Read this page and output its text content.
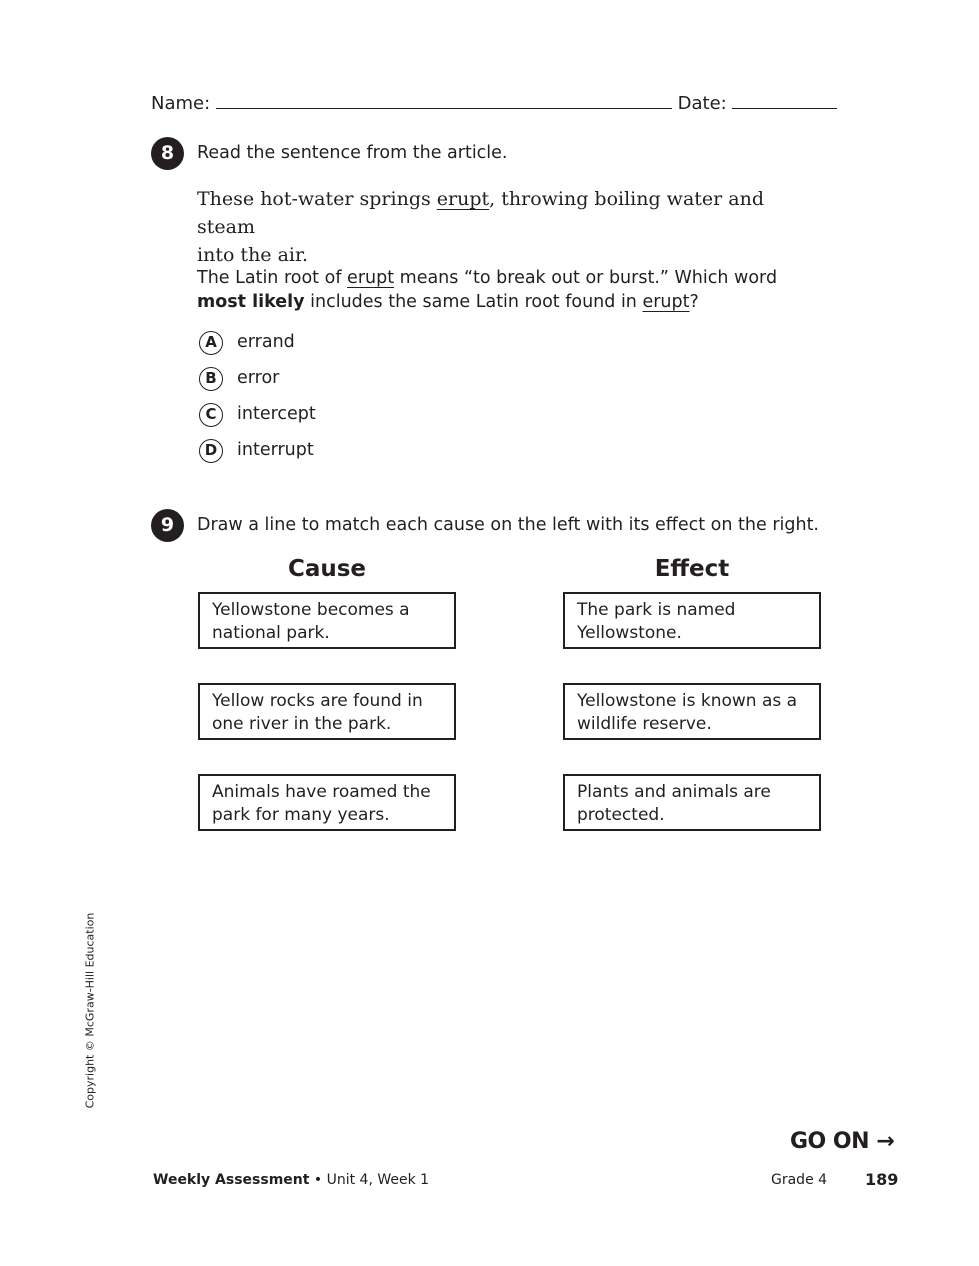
Name:	Date:
8	Read the sentence from the article.
These hot-water springs erupt, throwing boiling water and steam
into the air.
The Latin root of erupt means “to break out or burst.” Which word
most likely includes the same Latin root found in erupt?
A	errand
B	error
C	intercept
D	interrupt
9	Draw a line to match each cause on the left with its effect on the right.
Cause	Effect
Yellowstone becomes a national park.
Yellow rocks are found in one river in the park.
Animals have roamed the park for many years.
The park is named Yellowstone.
Yellowstone is known as a wildlife reserve.
Plants and animals are protected.
Copyright © McGraw-Hill Education
GO ON →
Weekly Assessment • Unit 4, Week 1	Grade 4 189
